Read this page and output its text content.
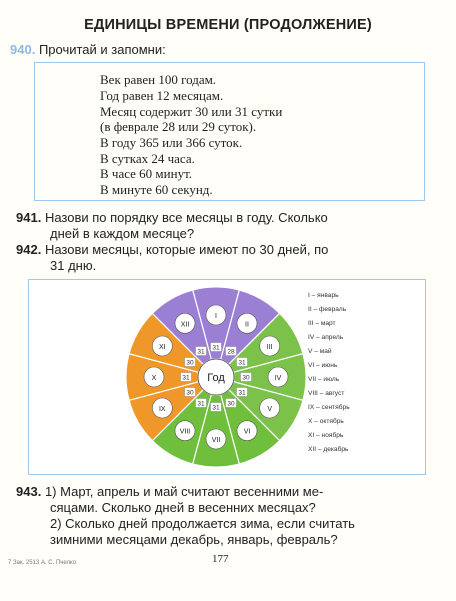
ЕДИНИЦЫ ВРЕМЕНИ (ПРОДОЛЖЕНИЕ)
940. Прочитай и запомни:
Век равен 100 годам.
Год равен 12 месяцам.
Месяц содержит 30 или 31 сутки
(в феврале 28 или 29 суток).
В году 365 или 366 суток.
В сутках 24 часа.
В часе 60 минут.
В минуте 60 секунд.
941. Назови по порядку все месяцы в году. Сколько
дней в каждом месяце?
942. Назови месяцы, которые имеют по 30 дней, по
31 дню.
I
31
II
28
III
31
IV
30
V
31
VI
30
VII
31
VIII
31
IX
30
X	31
XI
30
XII
31
Год
I – январь
II – февраль
III – март
IV – апрель
V – май
VI – июнь
VII – июль
VIII – август
IX – сентябрь
X – октябрь
XI – ноябрь
XII – декабрь
943. 1) Март, апрель и май считают весенними ме-
сяцами. Сколько дней в весенних месяцах?
2) Сколько дней продолжается зима, если считать
зимними месяцами декабрь, январь, февраль?
7 Зак. 2513 А. С. Пчелко	177
